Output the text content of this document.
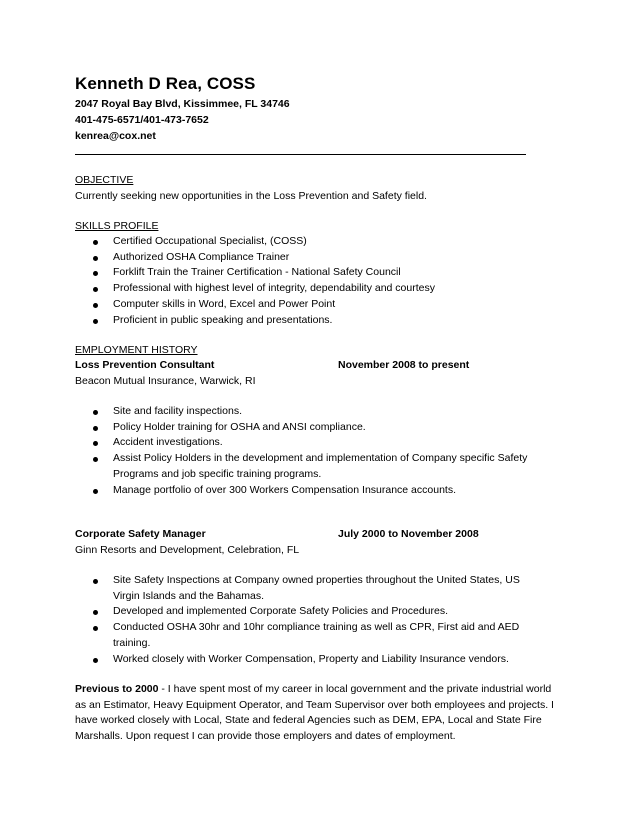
Kenneth D Rea, COSS
2047 Royal Bay Blvd, Kissimmee, FL 34746
401-475-6571/401-473-7652
kenrea@cox.net
OBJECTIVE
Currently seeking new opportunities in the Loss Prevention and Safety field.
SKILLS PROFILE
Certified Occupational Specialist, (COSS)
Authorized OSHA Compliance Trainer
Forklift Train the Trainer Certification - National Safety Council
Professional with highest level of integrity, dependability and courtesy
Computer skills in Word, Excel and Power Point
Proficient in public speaking and presentations.
EMPLOYMENT HISTORY
Loss Prevention Consultant	November 2008 to present
Beacon Mutual Insurance, Warwick, RI
Site and facility inspections.
Policy Holder training for OSHA and ANSI compliance.
Accident investigations.
Assist Policy Holders in the development and implementation of Company specific Safety Programs and job specific training programs.
Manage portfolio of over 300 Workers Compensation Insurance accounts.
Corporate Safety Manager	July 2000 to November 2008
Ginn Resorts and Development, Celebration, FL
Site Safety Inspections at Company owned properties throughout the United States, US Virgin Islands and the Bahamas.
Developed and implemented Corporate Safety Policies and Procedures.
Conducted OSHA 30hr and 10hr compliance training as well as CPR, First aid and AED training.
Worked closely with Worker Compensation, Property and Liability Insurance vendors.
Previous to 2000 - I have spent most of my career in local government and the private industrial world as an Estimator, Heavy Equipment Operator, and Team Supervisor over both employees and projects. I have worked closely with Local, State and federal Agencies such as DEM, EPA, Local and State Fire Marshalls. Upon request I can provide those employers and dates of employment.
